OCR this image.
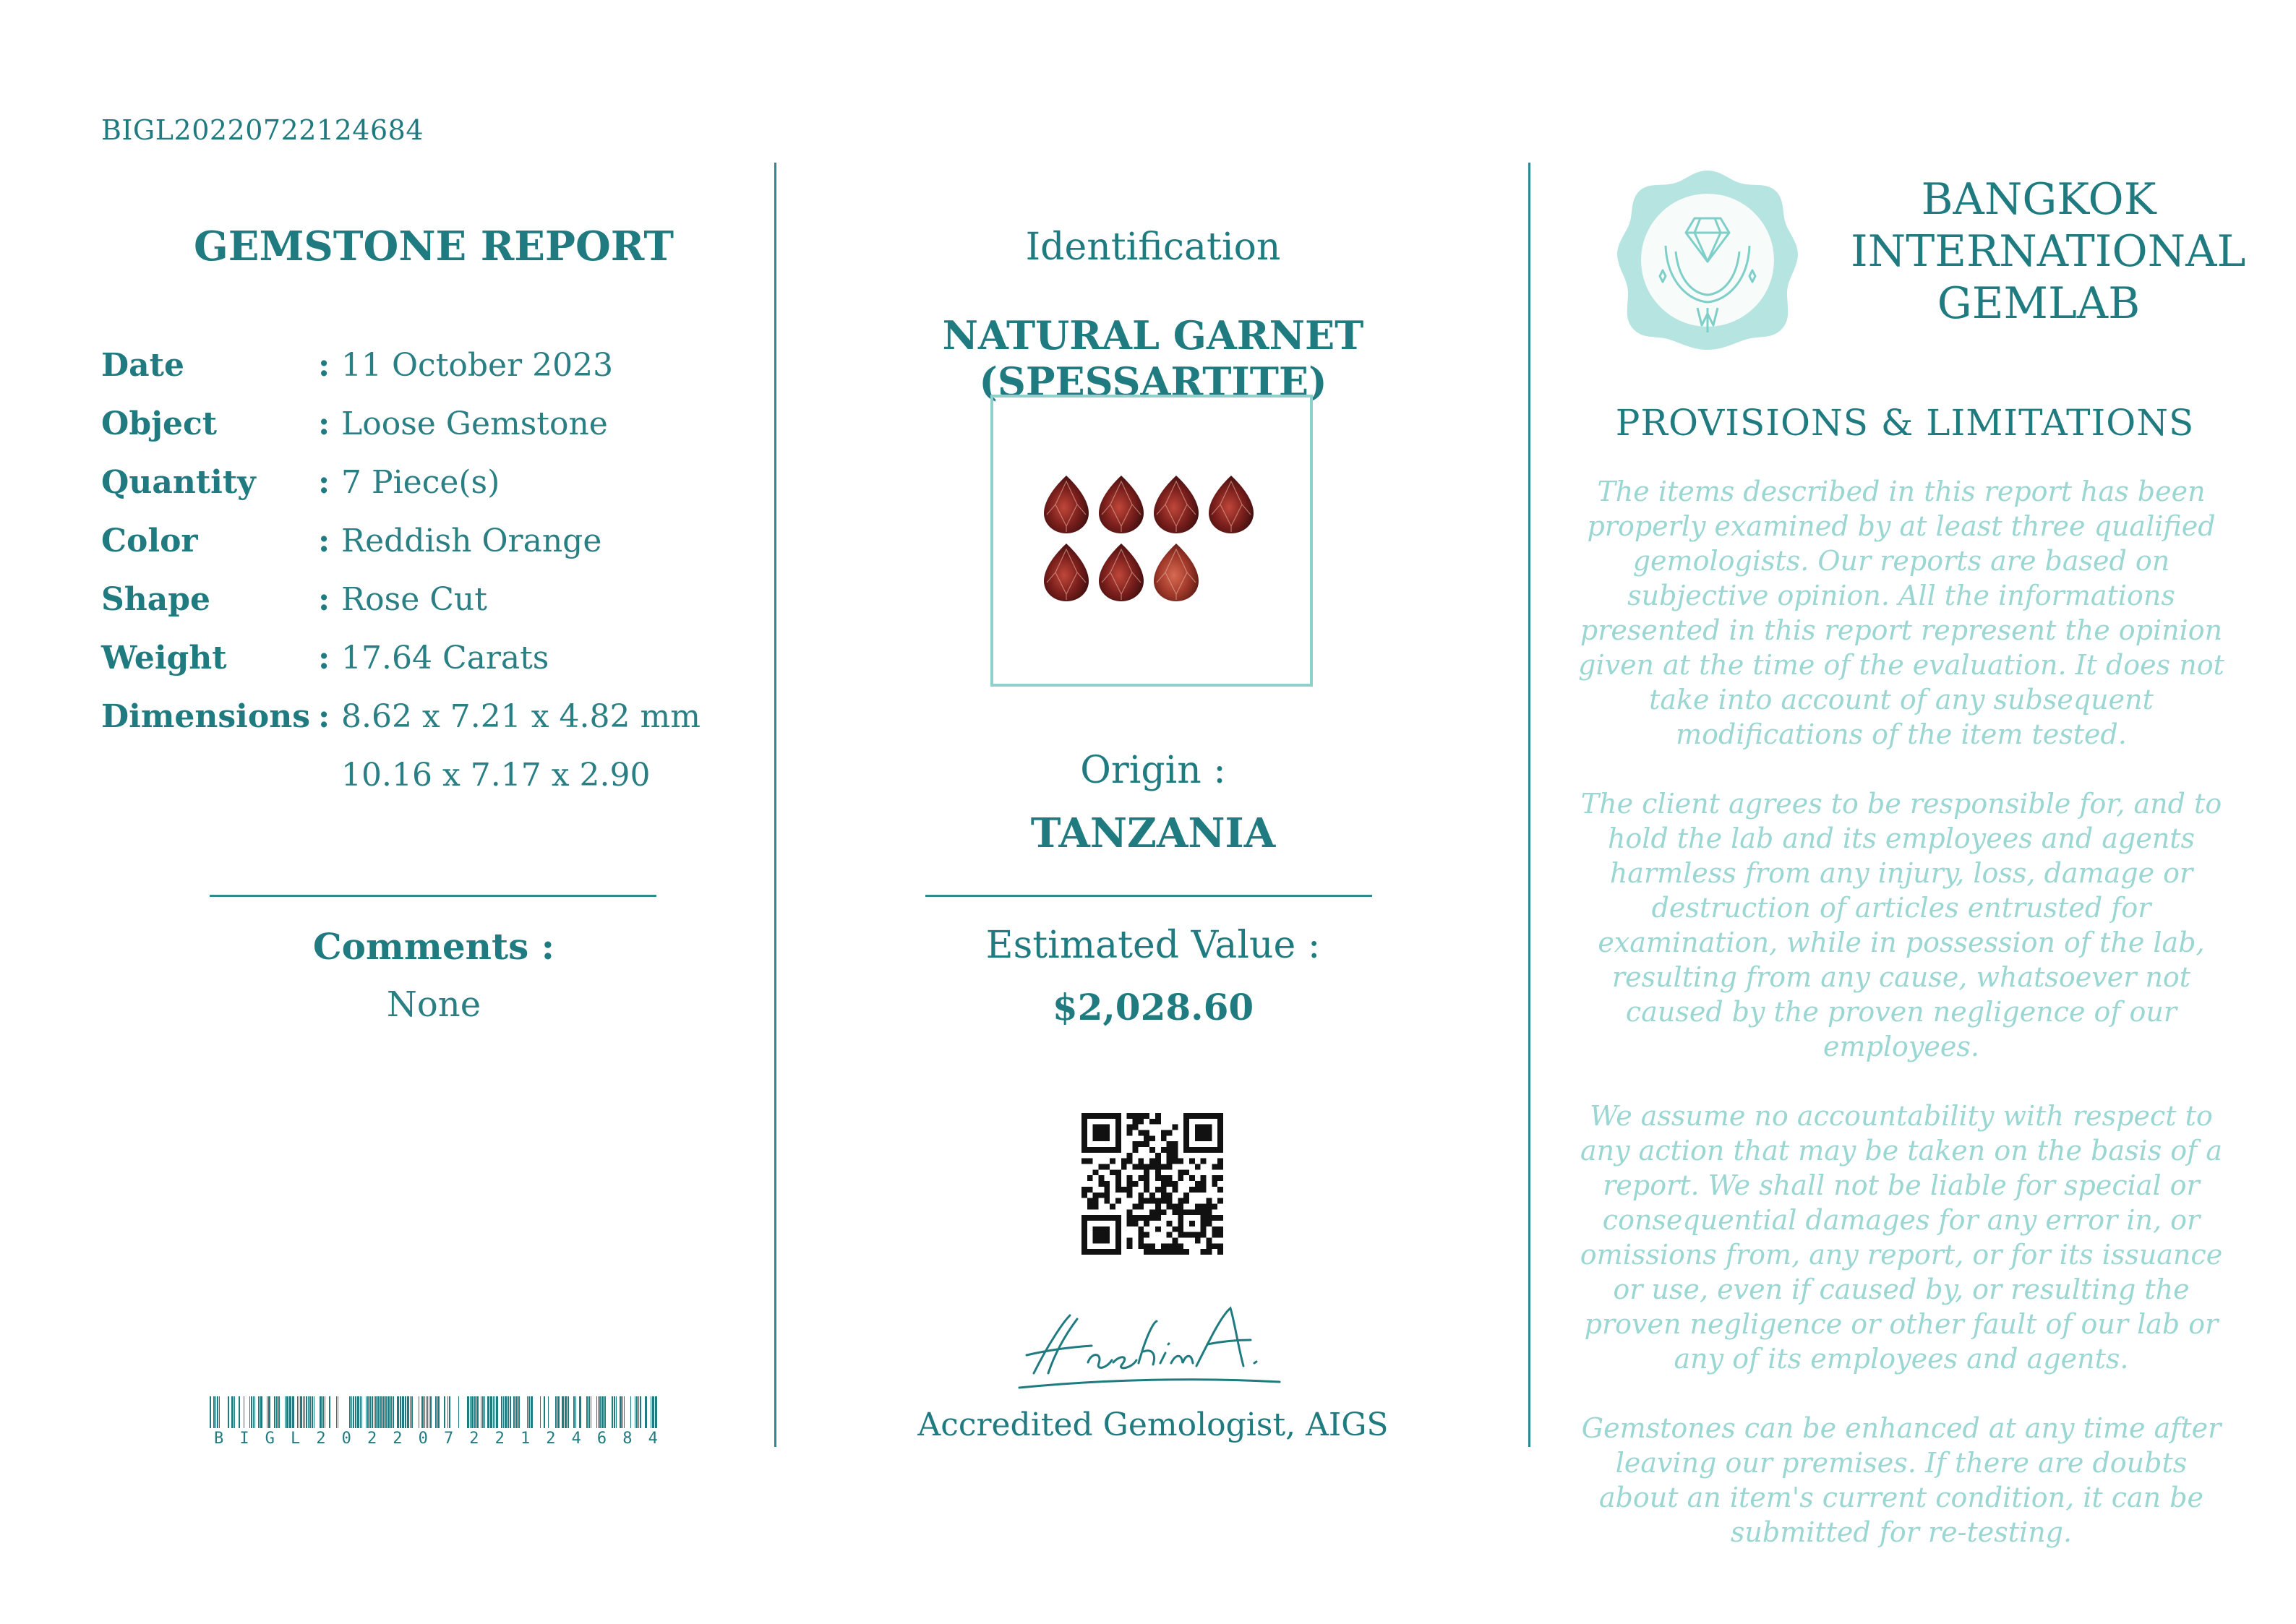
BIGL20220722124684
GEMSTONE REPORT
Date	: 11 October 2023
Object	: Loose Gemstone
Quantity : 7 Piece(s)
Color	: Reddish Orange
Shape	: Rose Cut
Weight	: 17.64 Carats
Dimensions : 8.62 x 7.21 x 4.82 mm
10.16 x 7.17 x 2.90
Comments :
None
B I G L 2 0 2 2 0 7 2 2 1 2 4 6 8 4
Identification
NATURAL GARNET (SPESSARTITE)
Origin :
TANZANIA
Estimated Value :
$2,028.60
Accredited Gemologist, AIGS
BANGKOK
INTERNATIONAL
GEMLAB
PROVISIONS & LIMITATIONS

The items described in this report has been properly examined by at least three qualified gemologists. Our reports are based on subjective opinion. All the informations presented in this report represent the opinion given at the time of the evaluation. It does not take into account of any subsequent modifications of the item tested.

The client agrees to be responsible for, and to hold the lab and its employees and agents harmless from any injury, loss, damage or destruction of articles entrusted for examination, while in possession of the lab, resulting from any cause, whatsoever not caused by the proven negligence of our employees.

We assume no accountability with respect to any action that may be taken on the basis of a report. We shall not be liable for special or consequential damages for any error in, or omissions from, any report, or for its issuance or use, even if caused by, or resulting the proven negligence or other fault of our lab or any of its employees and agents.

Gemstones can be enhanced at any time after leaving our premises. If there are doubts about an item's current condition, it can be submitted for re-testing.
